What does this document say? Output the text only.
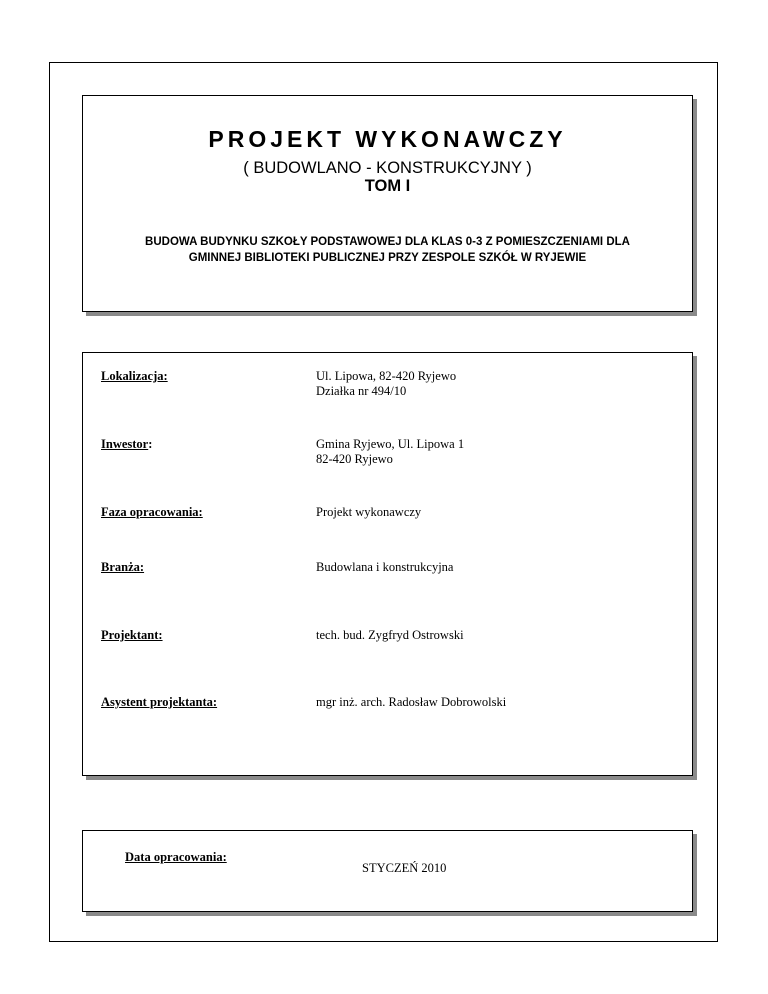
PROJEKT WYKONAWCZY
( BUDOWLANO - KONSTRUKCYJNY )
TOM I
BUDOWA BUDYNKU SZKOŁY PODSTAWOWEJ DLA KLAS 0-3 Z POMIESZCZENIAMI DLA
GMINNEJ BIBLIOTEKI PUBLICZNEJ PRZY ZESPOLE SZKÓŁ W RYJEWIE
Lokalizacja:	Ul. Lipowa, 82-420 Ryjewo
Działka nr 494/10
Inwestor:	Gmina Ryjewo, Ul. Lipowa 1
82-420 Ryjewo
Faza opracowania:	Projekt wykonawczy
Branża:	Budowlana i konstrukcyjna
Projektant:	tech. bud. Zygfryd Ostrowski
Asystent projektanta:	mgr inż. arch. Radosław Dobrowolski
Data opracowania:
STYCZEŃ 2010
